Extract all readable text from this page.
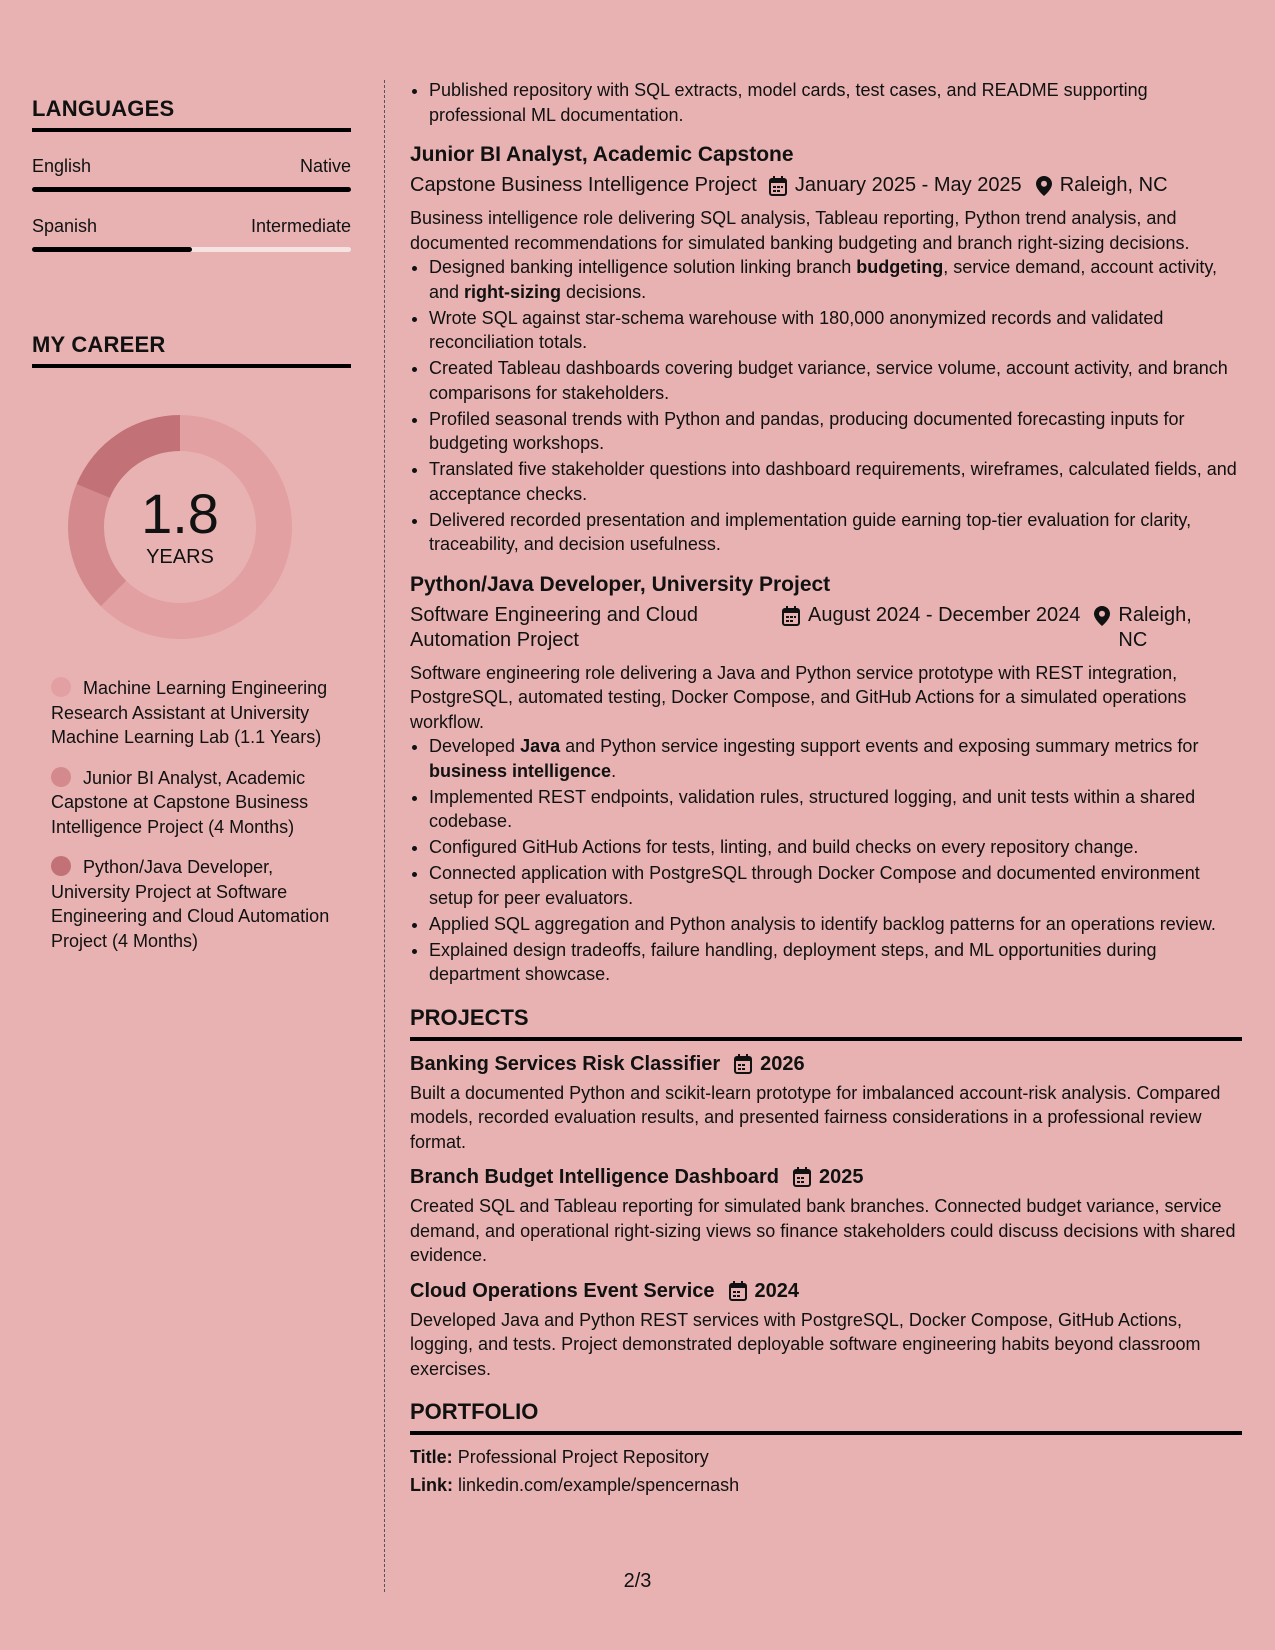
LANGUAGES
English	Native
Spanish	Intermediate
MY CAREER
1.8
YEARS
Machine Learning Engineering Research Assistant at University Machine Learning Lab (1.1 Years)
Junior BI Analyst, Academic Capstone at Capstone Business Intelligence Project (4 Months)
Python/Java Developer, University Project at Software Engineering and Cloud Automation Project (4 Months)
• Published repository with SQL extracts, model cards, test cases, and README supporting professional ML documentation.
Junior BI Analyst, Academic Capstone
Capstone Business Intelligence Project January 2025 - May 2025 Raleigh, NC
Business intelligence role delivering SQL analysis, Tableau reporting, Python trend analysis, and documented recommendations for simulated banking budgeting and branch right-sizing decisions.
• Designed banking intelligence solution linking branch budgeting, service demand, account activity, and right-sizing decisions.
• Wrote SQL against star-schema warehouse with 180,000 anonymized records and validated reconciliation totals.
• Created Tableau dashboards covering budget variance, service volume, account activity, and branch comparisons for stakeholders.
• Profiled seasonal trends with Python and pandas, producing documented forecasting inputs for budgeting workshops.
• Translated five stakeholder questions into dashboard requirements, wireframes, calculated fields, and acceptance checks.
• Delivered recorded presentation and implementation guide earning top-tier evaluation for clarity, traceability, and decision usefulness.
Python/Java Developer, University Project
Software Engineering and Cloud Automation Project
August 2024 - December 2024 Raleigh, NC
Software engineering role delivering a Java and Python service prototype with REST integration, PostgreSQL, automated testing, Docker Compose, and GitHub Actions for a simulated operations workflow.
• Developed Java and Python service ingesting support events and exposing summary metrics for business intelligence.
• Implemented REST endpoints, validation rules, structured logging, and unit tests within a shared codebase.
• Configured GitHub Actions for tests, linting, and build checks on every repository change.
• Connected application with PostgreSQL through Docker Compose and documented environment setup for peer evaluators.
• Applied SQL aggregation and Python analysis to identify backlog patterns for an operations review.
• Explained design tradeoffs, failure handling, deployment steps, and ML opportunities during department showcase.
PROJECTS
Banking Services Risk Classifier 2026
Built a documented Python and scikit-learn prototype for imbalanced account-risk analysis. Compared models, recorded evaluation results, and presented fairness considerations in a professional review format.
Branch Budget Intelligence Dashboard 2025
Created SQL and Tableau reporting for simulated bank branches. Connected budget variance, service demand, and operational right-sizing views so finance stakeholders could discuss decisions with shared evidence.
Cloud Operations Event Service 2024
Developed Java and Python REST services with PostgreSQL, Docker Compose, GitHub Actions, logging, and tests. Project demonstrated deployable software engineering habits beyond classroom exercises.
PORTFOLIO
Title: Professional Project Repository
Link: linkedin.com/example/spencernash
2/3
